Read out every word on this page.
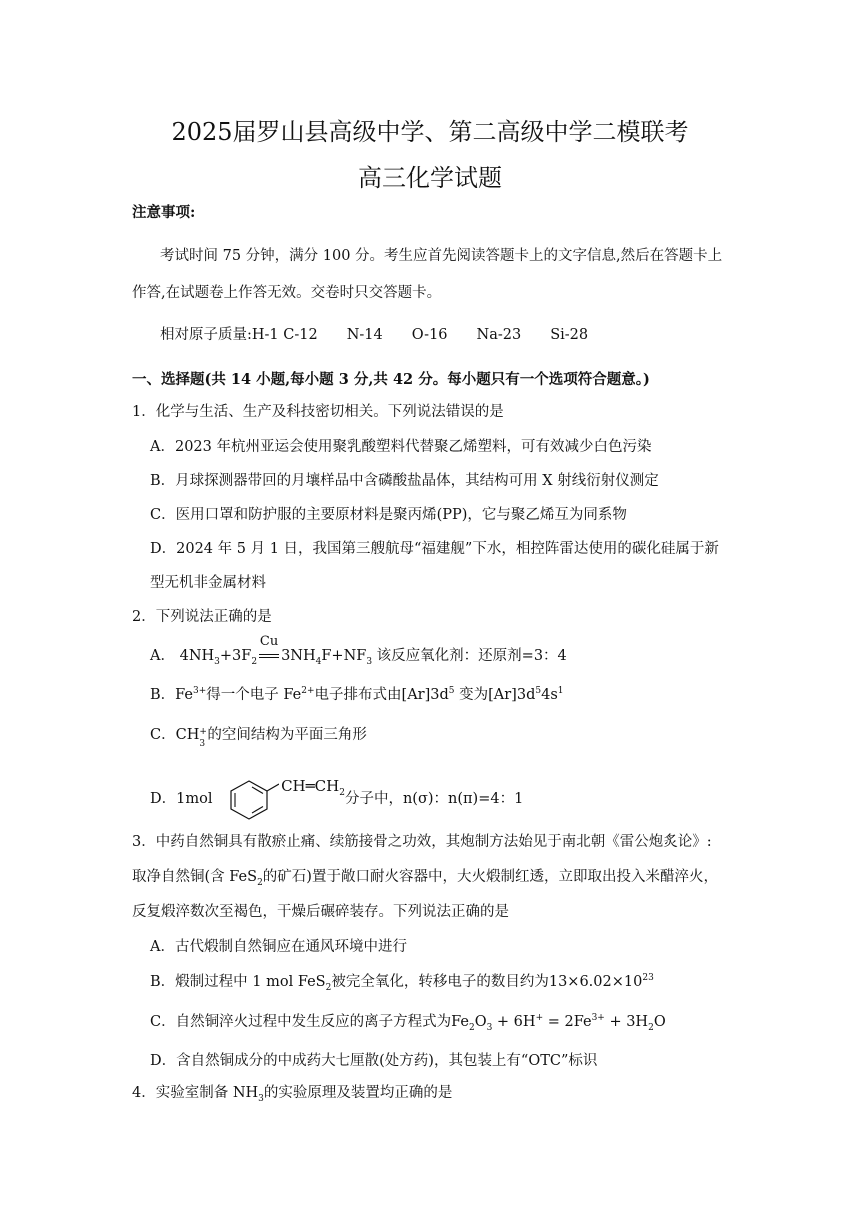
2025届罗山县高级中学、第二高级中学二模联考
高三化学试题
注意事项:
考试时间 75 分钟，满分 100 分。考生应首先阅读答题卡上的文字信息,然后在答题卡上
作答,在试题卷上作答无效。交卷时只交答题卡。
相对原子质量:H-1 C-12　　N-14　　O-16　　Na-23　　Si-28
一、选择题(共 14 小题,每小题 3 分,共 42 分。每小题只有一个选项符合题意。)
1．化学与生活、生产及科技密切相关。下列说法错误的是
A．2023 年杭州亚运会使用聚乳酸塑料代替聚乙烯塑料，可有效减少白色污染
B．月球探测器带回的月壤样品中含磷酸盐晶体，其结构可用 X 射线衍射仪测定
C．医用口罩和防护服的主要原材料是聚丙烯(PP)，它与聚乙烯互为同系物
D．2024 年 5 月 1 日，我国第三艘航母“福建舰”下水，相控阵雷达使用的碳化硅属于新
型无机非金属材料
2．下列说法正确的是
A． $4NH_3+3F_2$
Cu
$3NH_4F+NF_3$ 该反应氧化剂：还原剂=3：4
B．$Fe^{3+}$得一个电子 $Fe^{2+}$电子排布式由$[Ar]3d^5$ 变为$[Ar]3d^54s^1$
C．CH +
3
的空间结构为平面三角形
D．1mol $CH═CH_2$分子中，n(σ)：n(π)=4：1
3．中药自然铜具有散瘀止痛、续筋接骨之功效，其炮制方法始见于南北朝《雷公炮炙论》:
取净自然铜(含 FeS$_2$的矿石)置于敞口耐火容器中，大火煅制红透，立即取出投入米醋淬火，
反复煅淬数次至褐色，干燥后碾碎装存。下列说法正确的是
A．古代煅制自然铜应在通风环境中进行
B．煅制过程中 1 mol FeS$_2$被完全氧化，转移电子的数目约为$13\times 6.02\times 10^{23}$
C．自然铜淬火过程中发生反应的离子方程式为$Fe_2O_3 + 6H^+ = 2Fe^{3+} + 3H_2O$
D．含自然铜成分的中成药大七厘散(处方药)，其包装上有“OTC”标识
4．实验室制备 $NH_3$的实验原理及装置均正确的是
